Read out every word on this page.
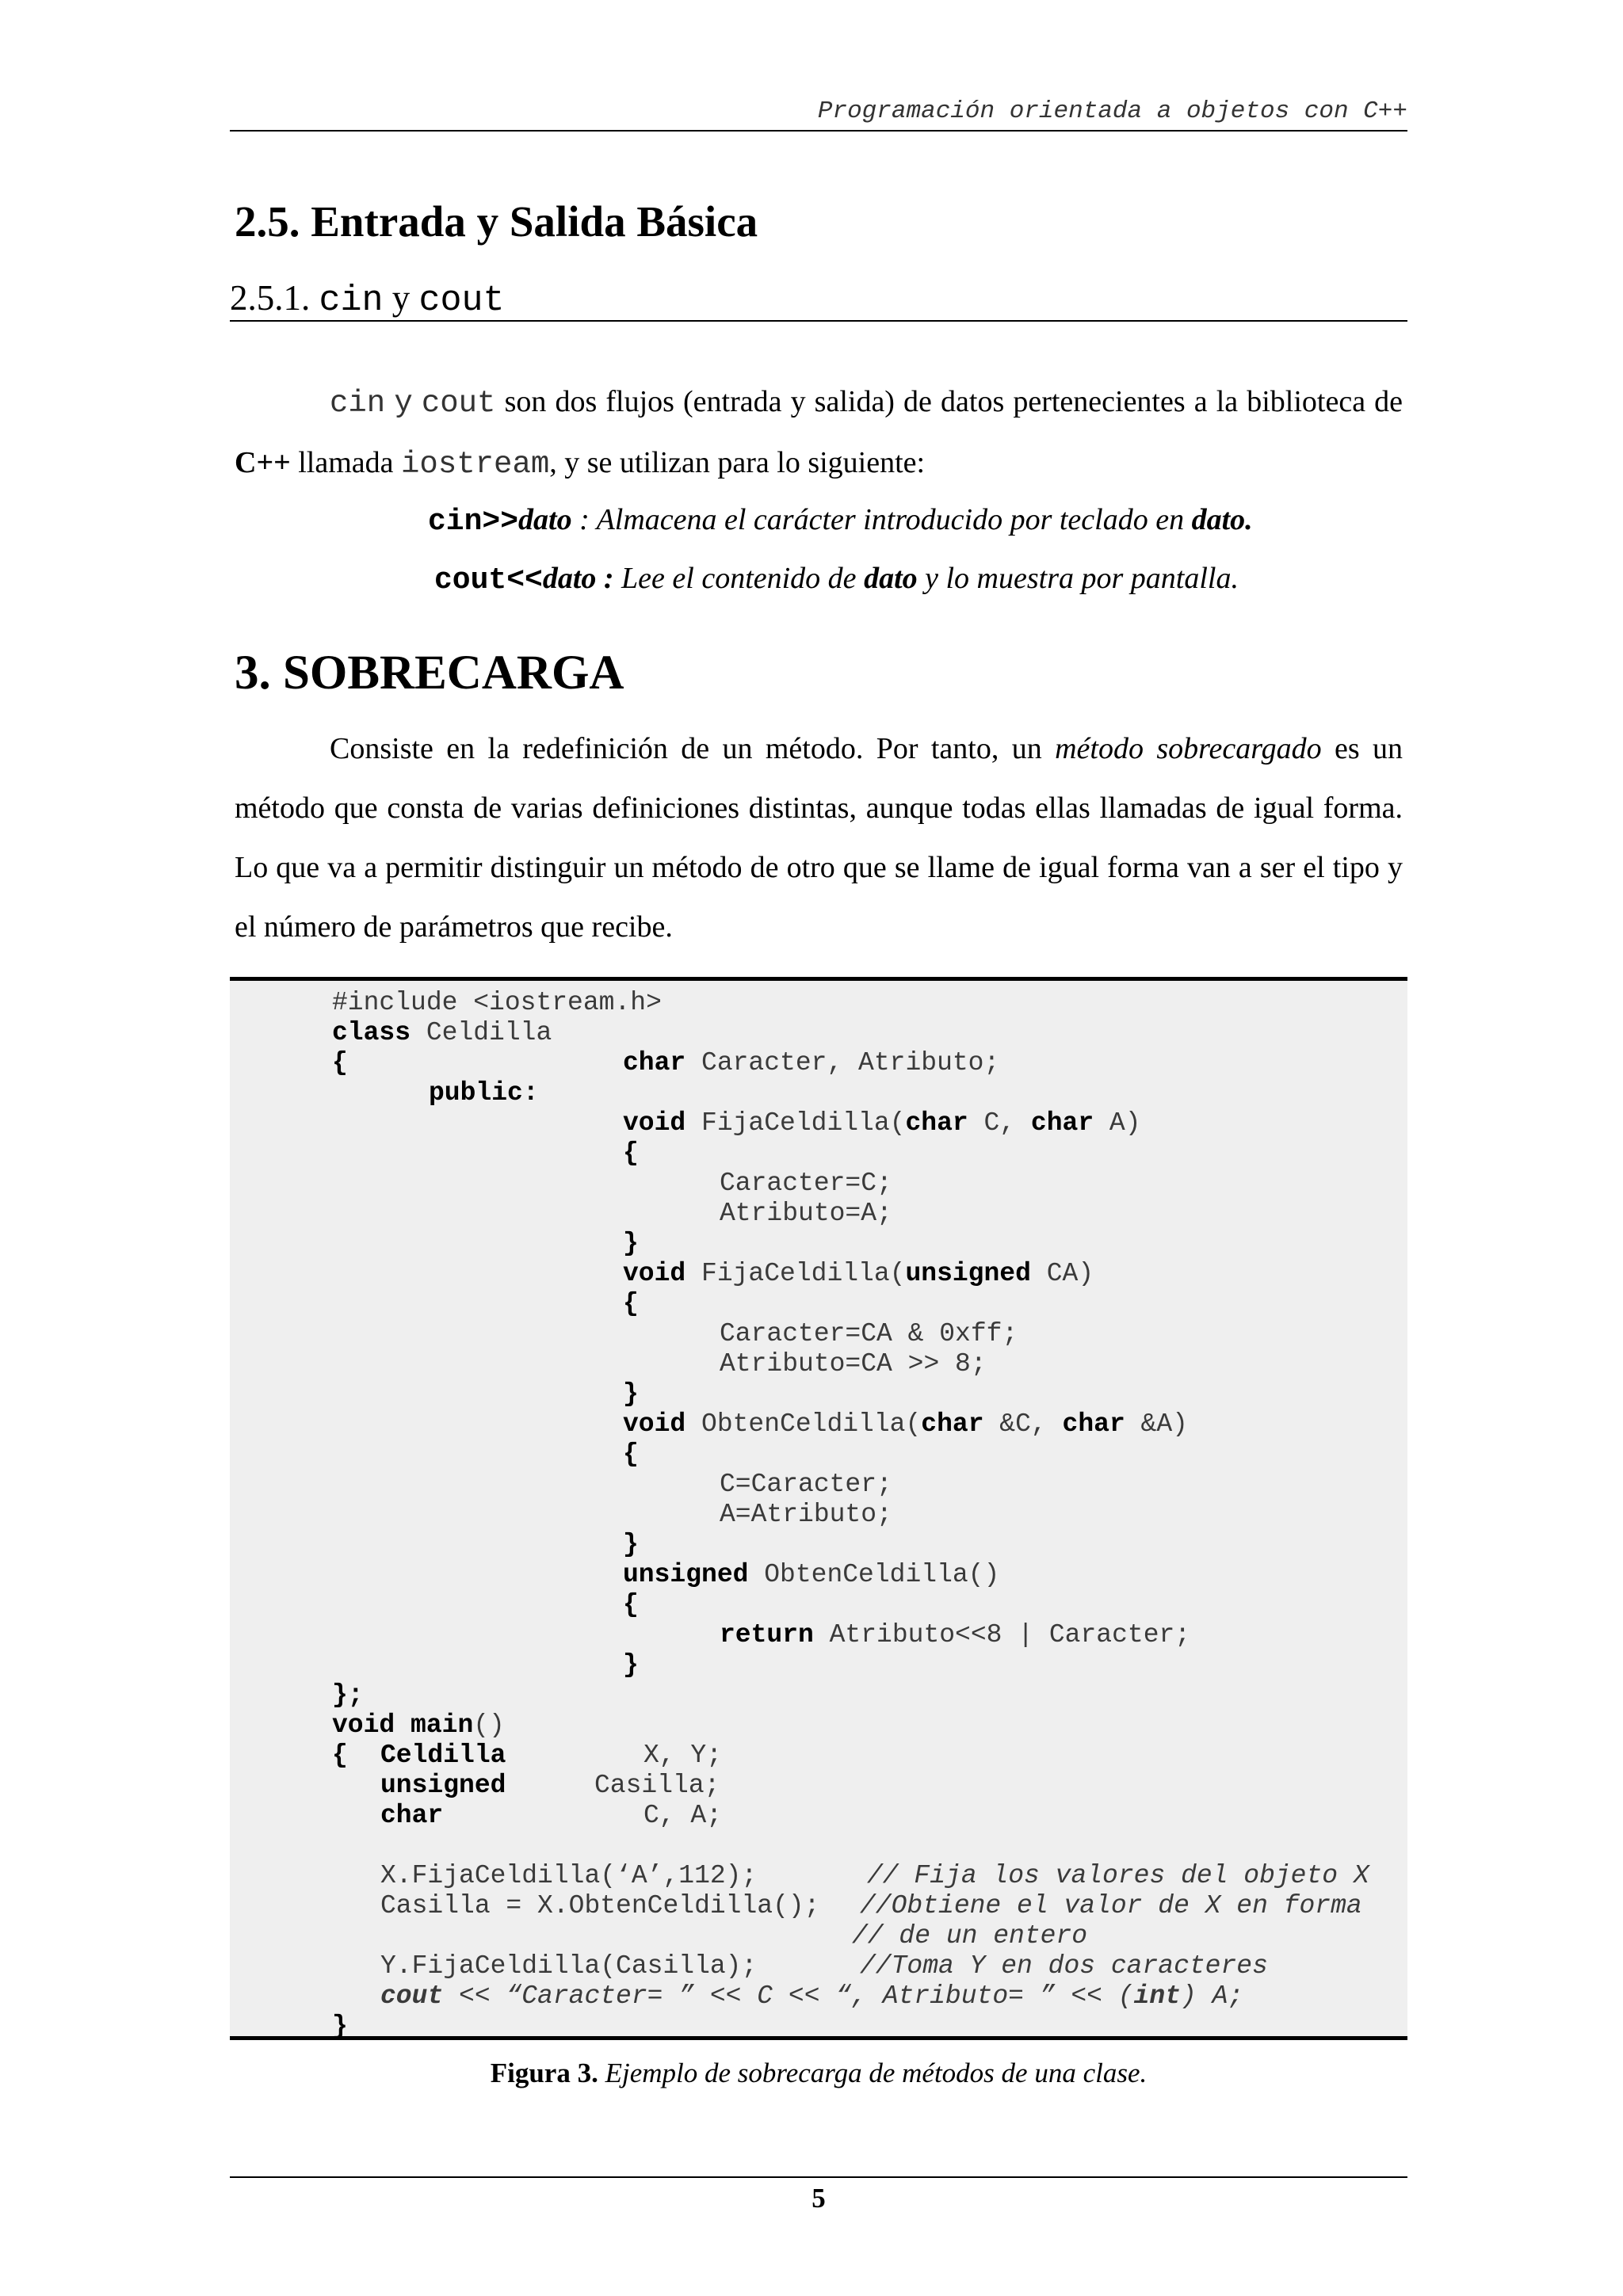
Programación orientada a objetos con C++
2.5. Entrada y Salida Básica
2.5.1. cin y cout

cin y cout son dos flujos (entrada y salida) de datos pertenecientes a la biblioteca de C++ llamada iostream, y se utilizan para lo siguiente:

cin>>dato : Almacena el carácter introducido por teclado en dato.

cout<<dato : Lee el contenido de dato y lo muestra por pantalla.

3. SOBRECARGA

Consiste en la redefinición de un método. Por tanto, un método sobrecargado es un método que consta de varias definiciones distintas, aunque todas ellas llamadas de igual forma. Lo que va a permitir distinguir un método de otro que se llame de igual forma van a ser el tipo y el número de parámetros que recibe.

#include <iostream.h>
class Celdilla
{	char Caracter, Atributo;
public:
void FijaCeldilla(char C, char A)
{
Caracter=C;
Atributo=A;
}
void FijaCeldilla(unsigned CA)
{
Caracter=CA & 0xff;
Atributo=CA >> 8;
}
void ObtenCeldilla(char &C, char &A)
{
C=Caracter;
A=Atributo;
}
unsigned ObtenCeldilla()
{
return Atributo<<8 | Caracter;
}
};
void main()
{ Celdilla	X, Y;
unsigned	Casilla;
char	C, A;
X.FijaCeldilla(‘A’,112);	// Fija los valores del objeto X
Casilla = X.ObtenCeldilla(); //Obtiene el valor de X en forma
// de un entero
Y.FijaCeldilla(Casilla);	//Toma Y en dos caracteres
cout << “Caracter= ” << C << “, Atributo= ” << (int) A;
}

Figura 3. Ejemplo de sobrecarga de métodos de una clase.

5
